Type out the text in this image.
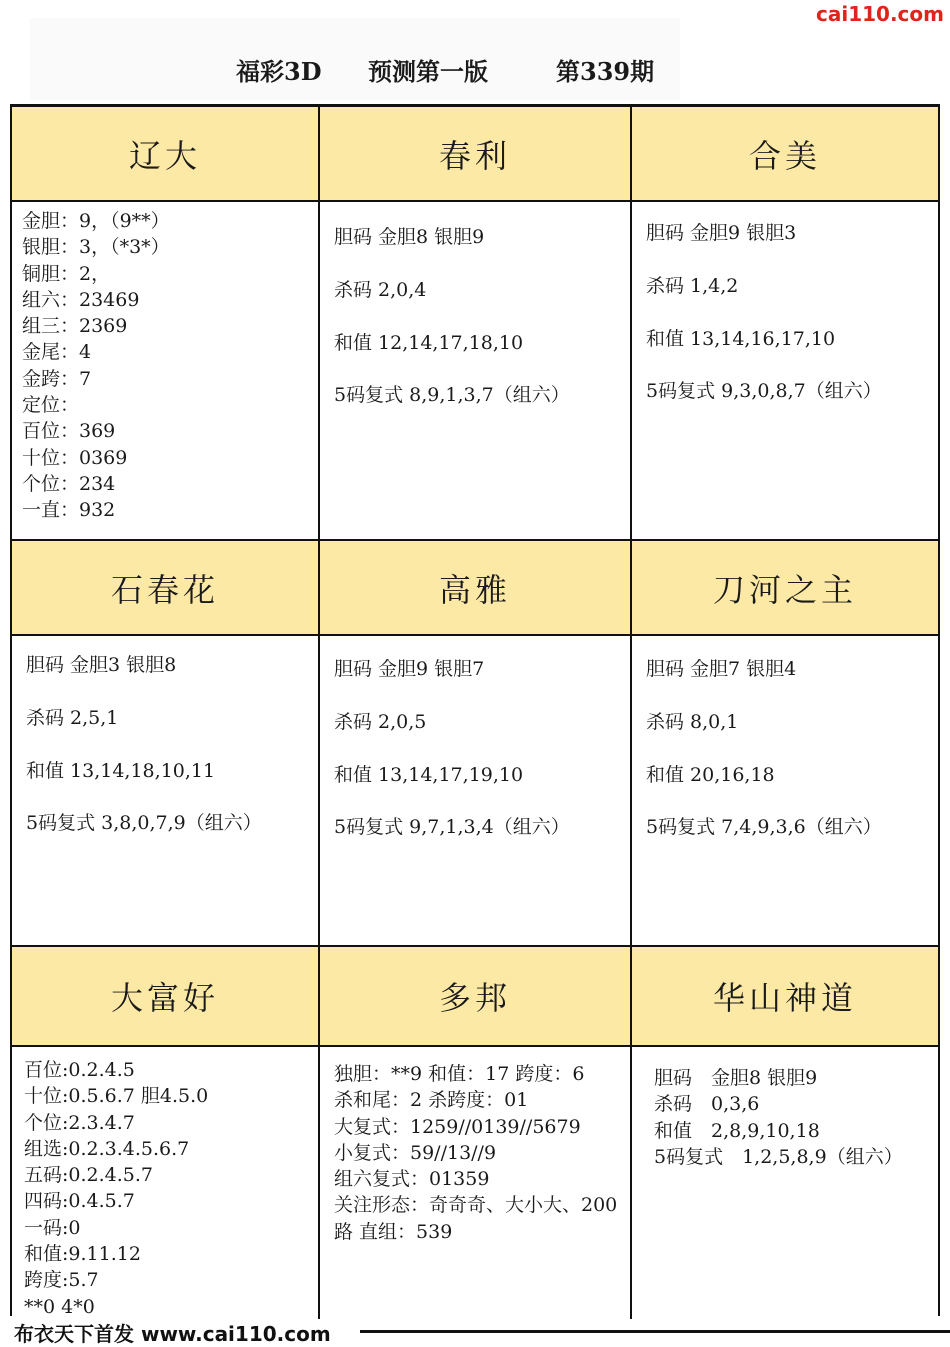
cai110.com
福彩3D 预测第一版	第339期
辽大
金胆：9，（9**）
银胆：3，（*3*）
铜胆：2，
组六：23469
组三：2369
金尾：4
金跨：7
定位：
百位：369
十位：0369
个位：234
一直：932
春利
胆码 金胆8 银胆9
杀码 2,0,4
和值 12,14,17,18,10
5码复式 8,9,1,3,7（组六）
合美
胆码 金胆9 银胆3
杀码 1,4,2
和值 13,14,16,17,10
5码复式 9,3,0,8,7（组六）
石春花
胆码 金胆3 银胆8
杀码 2,5,1
和值 13,14,18,10,11
5码复式 3,8,0,7,9（组六）
高雅
胆码 金胆9 银胆7
杀码 2,0,5
和值 13,14,17,19,10
5码复式 9,7,1,3,4（组六）
刀河之主
胆码 金胆7 银胆4
杀码 8,0,1
和值 20,16,18
5码复式 7,4,9,3,6（组六）
大富好
百位:0.2.4.5
十位:0.5.6.7 胆4.5.0
个位:2.3.4.7
组选:0.2.3.4.5.6.7
五码:0.2.4.5.7
四码:0.4.5.7
一码:0
和值:9.11.12
跨度:5.7
**0 4*0
多邦
独胆：**9 和值：17 跨度：6
杀和尾：2 杀跨度：01
大复式：1259//0139//5679
小复式：59//13//9
组六复式：01359
关注形态：奇奇奇、大小大、200路 直组：539
华山神道
胆码　金胆8 银胆9
杀码　0,3,6
和值　2,8,9,10,18
5码复式　1,2,5,8,9（组六）
布衣天下首发 www.cai110.com
